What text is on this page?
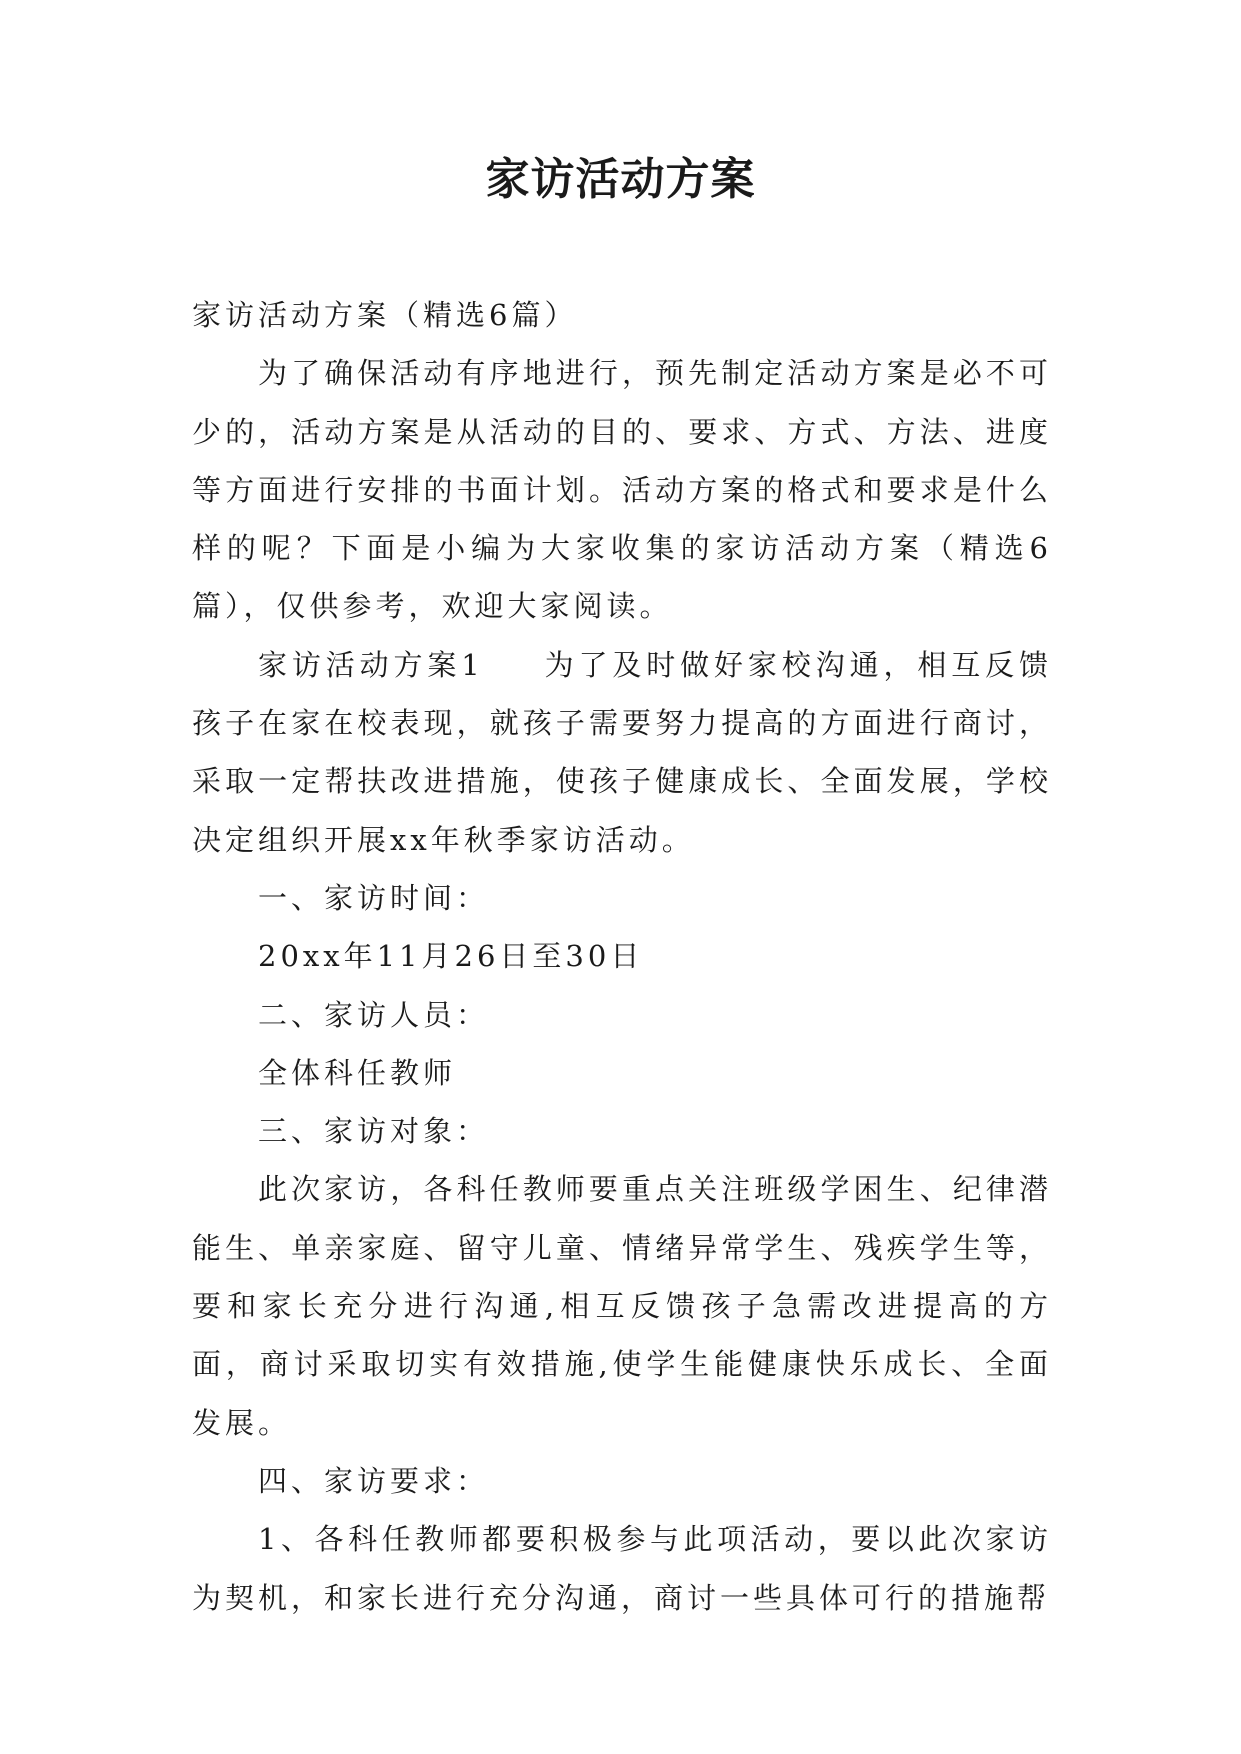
家访活动方案

家访活动方案（精选6篇）

为了确保活动有序地进行，预先制定活动方案是必不可少的，活动方案是从活动的目的、要求、方式、方法、进度等方面进行安排的书面计划。活动方案的格式和要求是什么样的呢？下面是小编为大家收集的家访活动方案（精选6篇），仅供参考，欢迎大家阅读。

家访活动方案1 为了及时做好家校沟通，相互反馈孩子在家在校表现，就孩子需要努力提高的方面进行商讨，采取一定帮扶改进措施，使孩子健康成长、全面发展，学校决定组织开展xx年秋季家访活动。

一、家访时间：

20xx年11月26日至30日

二、家访人员：

全体科任教师

三、家访对象：

此次家访，各科任教师要重点关注班级学困生、纪律潜能生、单亲家庭、留守儿童、情绪异常学生、残疾学生等，要和家长充分进行沟通,相互反馈孩子急需改进提高的方面，商讨采取切实有效措施,使学生能健康快乐成长、全面发展。

四、家访要求：

1、各科任教师都要积极参与此项活动，要以此次家访为契机，和家长进行充分沟通，商讨一些具体可行的措施帮
